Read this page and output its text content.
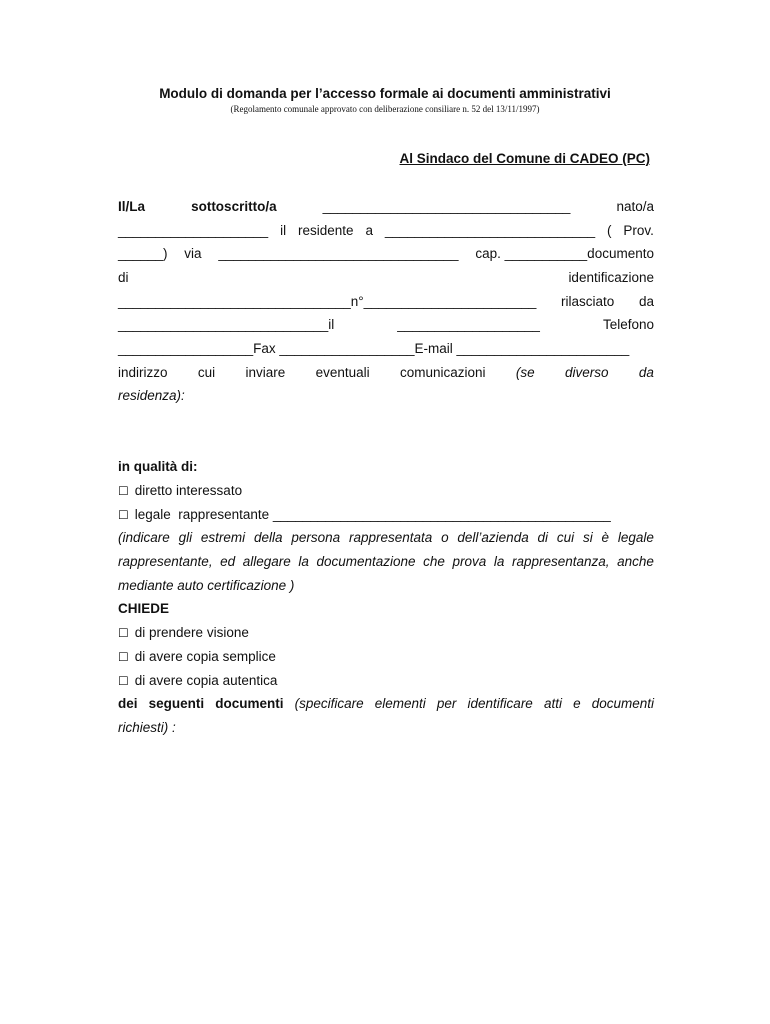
Modulo di domanda per l’accesso formale ai documenti amministrativi
(Regolamento comunale approvato con deliberazione consiliare n. 52 del 13/11/1997)
Al Sindaco del Comune di CADEO (PC)
Il/La	sottoscritto/a	_________________________________	nato/a
____________________ il residente a ____________________________ ( Prov.
______) via ________________________________ cap. ___________documento
di	identificazione
_______________________________n°_______________________ rilasciato da
____________________________il	___________________	Telefono
__________________Fax __________________E-mail _______________________
indirizzo cui inviare eventuali comunicazioni (se diverso da
residenza):
in qualità di:
☐ diretto interessato
☐ legale  rappresentante _____________________________________________
(indicare gli estremi della persona rappresentata o dell’azienda di cui si è legale
rappresentante, ed allegare la documentazione che prova la rappresentanza, anche
mediante auto certificazione )
CHIEDE
☐ di prendere visione
☐ di avere copia semplice
☐ di avere copia autentica
dei seguenti documenti (specificare elementi per identificare atti e documenti
richiesti) :
